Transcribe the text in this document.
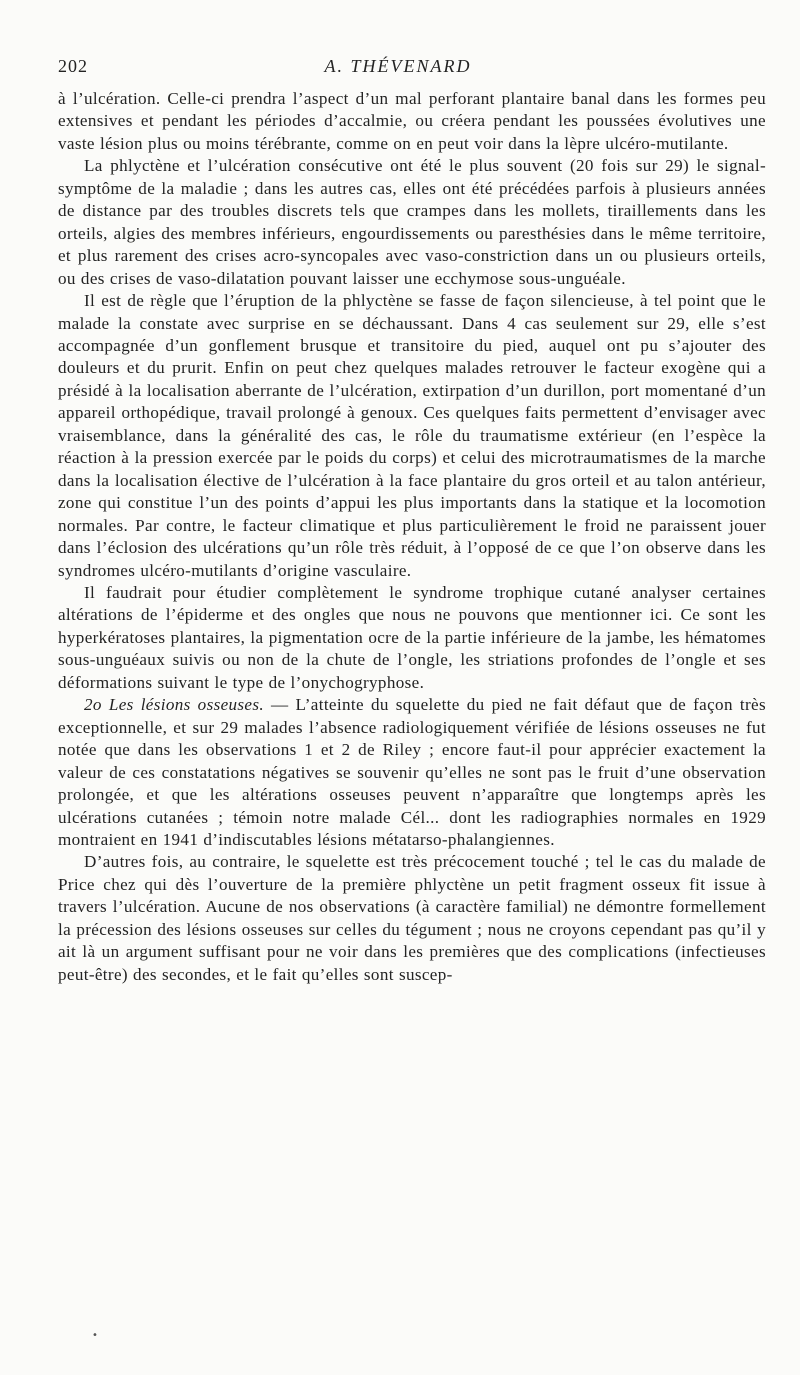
202	A. THÉVENARD

à l’ulcération. Celle-ci prendra l’aspect d’un mal perforant plantaire banal dans les formes peu extensives et pendant les périodes d’accalmie, ou créera pendant les poussées évolutives une vaste lésion plus ou moins térébrante, comme on en peut voir dans la lèpre ulcéro-mutilante.

La phlyctène et l’ulcération consécutive ont été le plus souvent (20 fois sur 29) le signal-symptôme de la maladie ; dans les autres cas, elles ont été précédées parfois à plusieurs années de distance par des troubles discrets tels que crampes dans les mollets, tiraillements dans les orteils, algies des membres inférieurs, engourdissements ou paresthésies dans le même territoire, et plus rarement des crises acro-syncopales avec vaso-constriction dans un ou plusieurs orteils, ou des crises de vaso-dilatation pouvant laisser une ecchymose sous-unguéale.

Il est de règle que l’éruption de la phlyctène se fasse de façon silencieuse, à tel point que le malade la constate avec surprise en se déchaussant. Dans 4 cas seulement sur 29, elle s’est accompagnée d’un gonflement brusque et transitoire du pied, auquel ont pu s’ajouter des douleurs et du prurit. Enfin on peut chez quelques malades retrouver le facteur exogène qui a présidé à la localisation aberrante de l’ulcération, extirpation d’un durillon, port momentané d’un appareil orthopédique, travail prolongé à genoux. Ces quelques faits permettent d’envisager avec vraisemblance, dans la généralité des cas, le rôle du traumatisme extérieur (en l’espèce la réaction à la pression exercée par le poids du corps) et celui des microtraumatismes de la marche dans la localisation élective de l’ulcération à la face plantaire du gros orteil et au talon antérieur, zone qui constitue l’un des points d’appui les plus importants dans la statique et la locomotion normales. Par contre, le facteur climatique et plus particulièrement le froid ne paraissent jouer dans l’éclosion des ulcérations qu’un rôle très réduit, à l’opposé de ce que l’on observe dans les syndromes ulcéro-mutilants d’origine vasculaire.

Il faudrait pour étudier complètement le syndrome trophique cutané analyser certaines altérations de l’épiderme et des ongles que nous ne pouvons que mentionner ici. Ce sont les hyperkératoses plantaires, la pigmentation ocre de la partie inférieure de la jambe, les hématomes sous-unguéaux suivis ou non de la chute de l’ongle, les striations profondes de l’ongle et ses déformations suivant le type de l’onychogryphose.

2o Les lésions osseuses. — L’atteinte du squelette du pied ne fait défaut que de façon très exceptionnelle, et sur 29 malades l’absence radiologiquement vérifiée de lésions osseuses ne fut notée que dans les observations 1 et 2 de Riley ; encore faut-il pour apprécier exactement la valeur de ces constatations négatives se souvenir qu’elles ne sont pas le fruit d’une observation prolongée, et que les altérations osseuses peuvent n’apparaître que longtemps après les ulcérations cutanées ; témoin notre malade Cél... dont les radiographies normales en 1929 montraient en 1941 d’indiscutables lésions métatarso-phalangiennes.

D’autres fois, au contraire, le squelette est très précocement touché ; tel le cas du malade de Price chez qui dès l’ouverture de la première phlyctène un petit fragment osseux fit issue à travers l’ulcération. Aucune de nos observations (à caractère familial) ne démontre formellement la précession des lésions osseuses sur celles du tégument ; nous ne croyons cependant pas qu’il y ait là un argument suffisant pour ne voir dans les premières que des complications (infectieuses peut-être) des secondes, et le fait qu’elles sont suscep-

•
